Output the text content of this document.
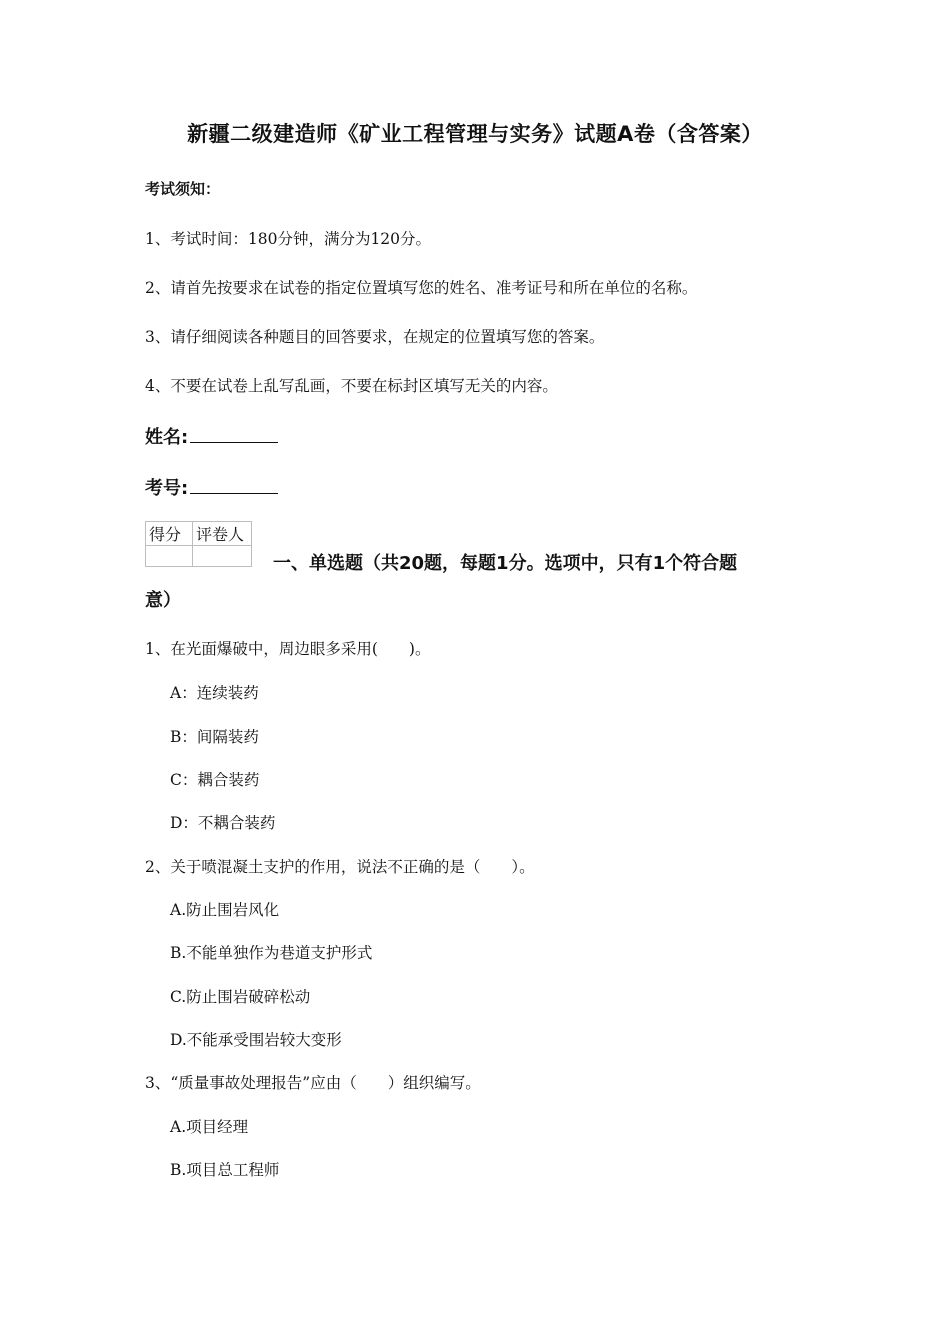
新疆二级建造师《矿业工程管理与实务》试题A卷（含答案）
考试须知：
1、考试时间：180分钟，满分为120分。
2、请首先按要求在试卷的指定位置填写您的姓名、准考证号和所在单位的名称。
3、请仔细阅读各种题目的回答要求，在规定的位置填写您的答案。
4、不要在试卷上乱写乱画，不要在标封区填写无关的内容。
姓名:
考号:
得分	评卷人

一、单选题（共20题，每题1分。选项中，只有1个符合题
意）
1、在光面爆破中，周边眼多采用(　　)。
A：连续装药
B：间隔装药
C：耦合装药
D：不耦合装药
2、关于喷混凝土支护的作用，说法不正确的是（　　）。
A.防止围岩风化
B.不能单独作为巷道支护形式
C.防止围岩破碎松动
D.不能承受围岩较大变形
3、“质量事故处理报告”应由（　　）组织编写。
A.项目经理
B.项目总工程师
